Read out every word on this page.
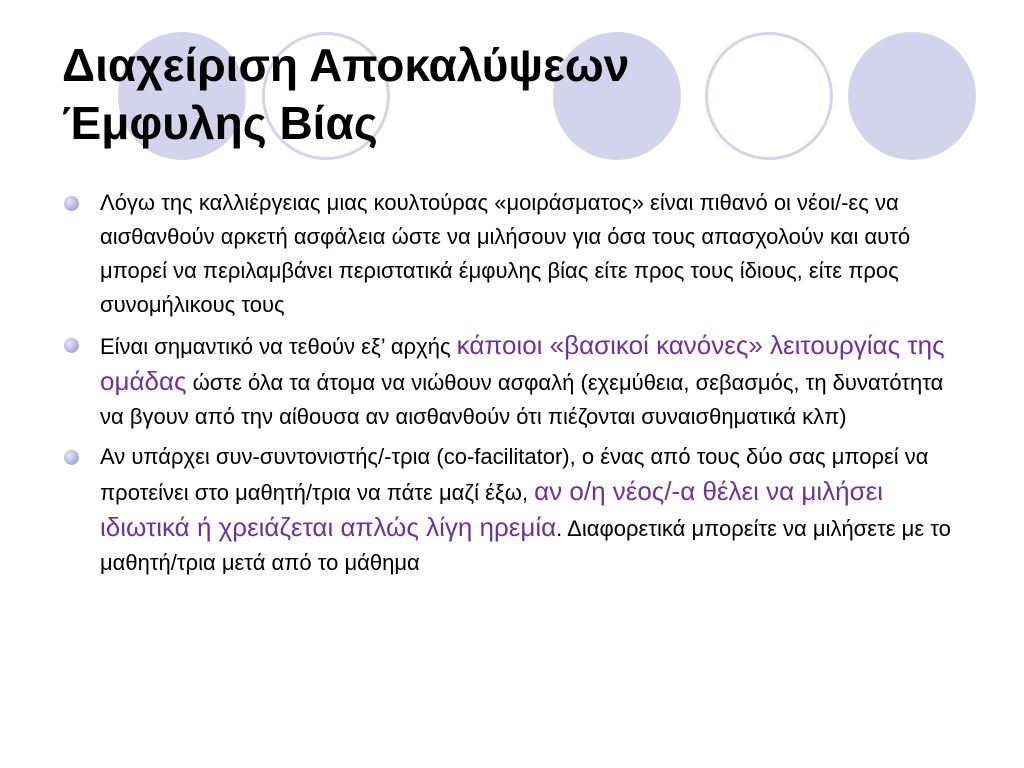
Διαχείριση Αποκαλύψεων
Έμφυλης Βίας
Λόγω της καλλιέργειας μιας κουλτούρας «μοιράσματος» είναι πιθανό οι νέοι/-ες να αισθανθούν αρκετή ασφάλεια ώστε να μιλήσουν για όσα τους απασχολούν και αυτό μπορεί να περιλαμβάνει περιστατικά έμφυλης βίας είτε προς τους ίδιους, είτε προς συνομήλικους τους
Είναι σημαντικό να τεθούν εξ’ αρχής κάποιοι «βασικοί κανόνες» λειτουργίας της ομάδας ώστε όλα τα άτομα να νιώθουν ασφαλή (εχεμύθεια, σεβασμός, τη δυνατότητα να βγουν από την αίθουσα αν αισθανθούν ότι πιέζονται συναισθηματικά κλπ)
Αν υπάρχει συν-συντονιστής/-τρια (co-facilitator), ο ένας από τους δύο σας μπορεί να προτείνει στο μαθητή/τρια να πάτε μαζί έξω, αν ο/η νέος/-α θέλει να μιλήσει ιδιωτικά ή χρειάζεται απλώς λίγη ηρεμία. Διαφορετικά μπορείτε να μιλήσετε με το μαθητή/τρια μετά από το μάθημα
